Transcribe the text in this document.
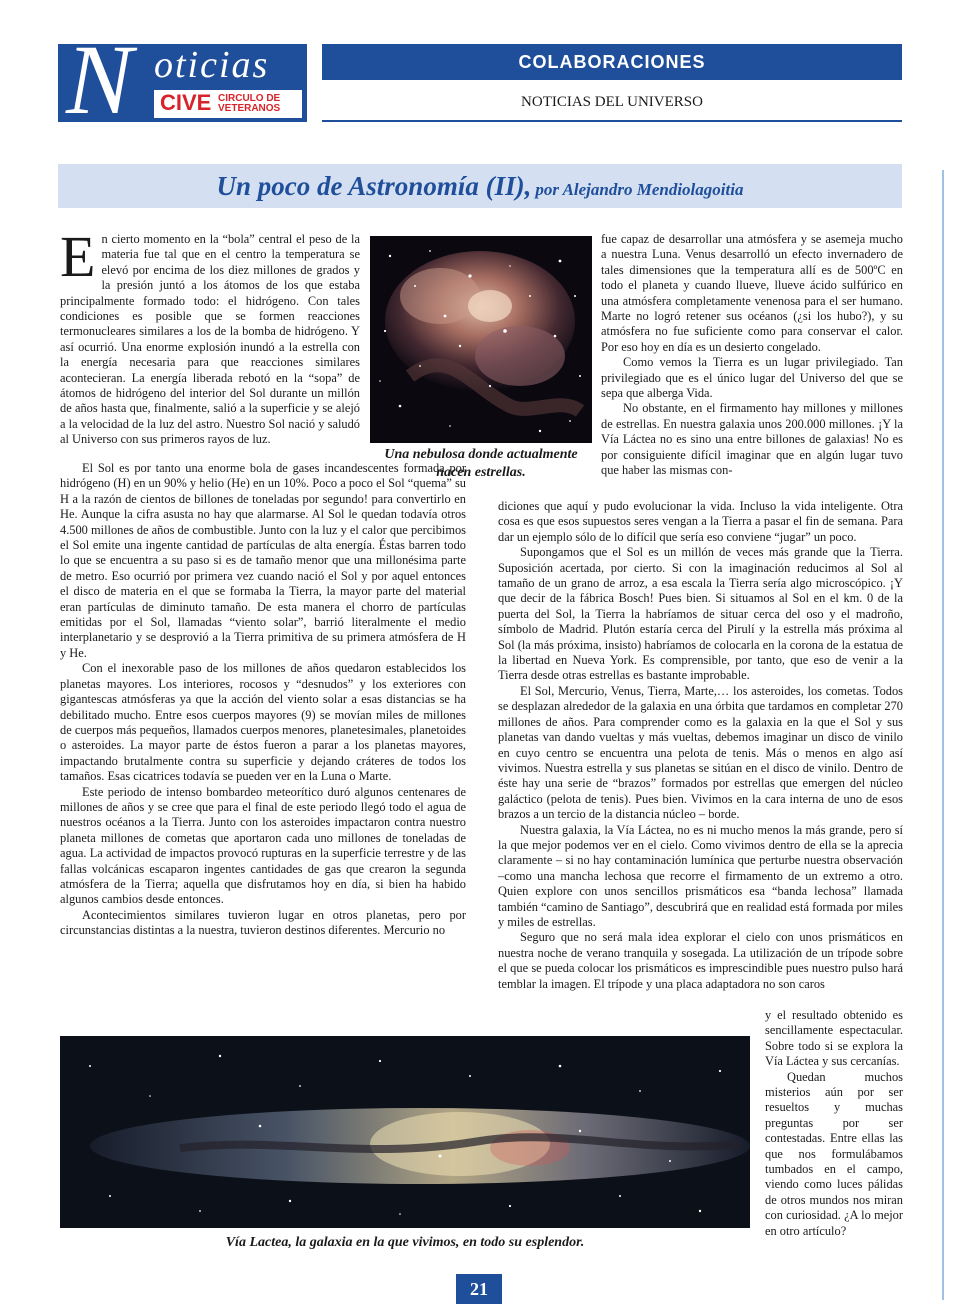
N oticias
CIVE CIRCULO DE
VETERANOS
COLABORACIONES
NOTICIAS DEL UNIVERSO
Un poco de Astronomía (II), por Alejandro Mendiolagoitia

En cierto momento en la “bola” central el peso de la materia fue tal que en el centro la temperatura se elevó por encima de los diez millones de grados y la presión juntó a los átomos de los que estaba principalmente formado todo: el hidrógeno. Con tales condiciones es posible que se formen reacciones termonucleares similares a los de la bomba de hidrógeno. Y así ocurrió. Una enorme explosión inundó a la estrella con la energía necesaria para que reacciones similares acontecieran. La energía liberada rebotó en la “sopa” de átomos de hidrógeno del interior del Sol durante un millón de años hasta que, finalmente, salió a la superficie y se alejó a la velocidad de la luz del astro. Nuestro Sol nació y saludó al Universo con sus primeros rayos de luz.

Una nebulosa donde actualmente nacen estrellas.

El Sol es por tanto una enorme bola de gases incandescentes formada por hidrógeno (H) en un 90% y helio (He) en un 10%. Poco a poco el Sol “quema” su H a la razón de cientos de billones de toneladas por segundo! para convertirlo en He. Aunque la cifra asusta no hay que alarmarse. Al Sol le quedan todavía otros 4.500 millones de años de combustible. Junto con la luz y el calor que percibimos el Sol emite una ingente cantidad de partículas de alta energía. Éstas barren todo lo que se encuentra a su paso si es de tamaño menor que una millonésima parte de metro. Eso ocurrió por primera vez cuando nació el Sol y por aquel entonces el disco de materia en el que se formaba la Tierra, la mayor parte del material eran partículas de diminuto tamaño. De esta manera el chorro de partículas emitidas por el Sol, llamadas “viento solar”, barrió literalmente el medio interplanetario y se desprovió a la Tierra primitiva de su primera atmósfera de H y He.

Con el inexorable paso de los millones de años quedaron establecidos los planetas mayores. Los interiores, rocosos y “desnudos” y los exteriores con gigantescas atmósferas ya que la acción del viento solar a esas distancias se ha debilitado mucho. Entre esos cuerpos mayores (9) se movían miles de millones de cuerpos más pequeños, llamados cuerpos menores, planetesimales, planetoides o asteroides. La mayor parte de éstos fueron a parar a los planetas mayores, impactando brutalmente contra su superficie y dejando cráteres de todos los tamaños. Esas cicatrices todavía se pueden ver en la Luna o Marte.

Este periodo de intenso bombardeo meteorítico duró algunos centenares de millones de años y se cree que para el final de este periodo llegó todo el agua de nuestros océanos a la Tierra. Junto con los asteroides impactaron contra nuestro planeta millones de cometas que aportaron cada uno millones de toneladas de agua. La actividad de impactos provocó rupturas en la superficie terrestre y de las fallas volcánicas escaparon ingentes cantidades de gas que crearon la segunda atmósfera de la Tierra; aquella que disfrutamos hoy en día, si bien ha habido algunos cambios desde entonces.

Acontecimientos similares tuvieron lugar en otros planetas, pero por circunstancias distintas a la nuestra, tuvieron destinos diferentes. Mercurio no

fue capaz de desarrollar una atmósfera y se asemeja mucho a nuestra Luna. Venus desarrolló un efecto invernadero de tales dimensiones que la temperatura allí es de 500ºC en todo el planeta y cuando llueve, llueve ácido sulfúrico en una atmósfera completamente venenosa para el ser humano. Marte no logró retener sus océanos (¿si los hubo?), y su atmósfera no fue suficiente como para conservar el calor. Por eso hoy en día es un desierto congelado.

Como vemos la Tierra es un lugar privilegiado. Tan privilegiado que es el único lugar del Universo del que se sepa que alberga Vida.

No obstante, en el firmamento hay millones y millones de estrellas. En nuestra galaxia unos 200.000 millones. ¡Y la Vía Láctea no es sino una entre billones de galaxias! No es por consiguiente difícil imaginar que en algún lugar tuvo que haber las mismas con-

diciones que aquí y pudo evolucionar la vida. Incluso la vida inteligente. Otra cosa es que esos supuestos seres vengan a la Tierra a pasar el fin de semana. Para dar un ejemplo sólo de lo difícil que sería eso conviene “jugar” un poco.

Supongamos que el Sol es un millón de veces más grande que la Tierra. Suposición acertada, por cierto. Si con la imaginación reducimos al Sol al tamaño de un grano de arroz, a esa escala la Tierra sería algo microscópico. ¡Y que decir de la fábrica Bosch! Pues bien. Si situamos al Sol en el km. 0 de la puerta del Sol, la Tierra la habríamos de situar cerca del oso y el madroño, símbolo de Madrid. Plutón estaría cerca del Pirulí y la estrella más próxima al Sol (la más próxima, insisto) habríamos de colocarla en la corona de la estatua de la libertad en Nueva York. Es comprensible, por tanto, que eso de venir a la Tierra desde otras estrellas es bastante improbable.

El Sol, Mercurio, Venus, Tierra, Marte,… los asteroides, los cometas. Todos se desplazan alrededor de la galaxia en una órbita que tardamos en completar 270 millones de años. Para comprender como es la galaxia en la que el Sol y sus planetas van dando vueltas y más vueltas, debemos imaginar un disco de vinilo en cuyo centro se encuentra una pelota de tenis. Más o menos en algo así vivimos. Nuestra estrella y sus planetas se sitúan en el disco de vinilo. Dentro de éste hay una serie de “brazos” formados por estrellas que emergen del núcleo galáctico (pelota de tenis). Pues bien. Vivimos en la cara interna de uno de esos brazos a un tercio de la distancia núcleo – borde.

Nuestra galaxia, la Vía Láctea, no es ni mucho menos la más grande, pero sí la que mejor podemos ver en el cielo. Como vivimos dentro de ella se la aprecia claramente – si no hay contaminación lumínica que perturbe nuestra observación –como una mancha lechosa que recorre el firmamento de un extremo a otro. Quien explore con unos sencillos prismáticos esa “banda lechosa” llamada también “camino de Santiago”, descubrirá que en realidad está formada por miles y miles de estrellas.

Seguro que no será mala idea explorar el cielo con unos prismáticos en nuestra noche de verano tranquila y sosegada. La utilización de un trípode sobre el que se pueda colocar los prismáticos es imprescindible pues nuestro pulso hará temblar la imagen. El trípode y una placa adaptadora no son caros

y el resultado obtenido es sencillamente espectacular. Sobre todo si se explora la Vía Láctea y sus cercanías.

Quedan muchos misterios aún por ser resueltos y muchas preguntas por ser contestadas. Entre ellas las que nos formulábamos tumbados en el campo, viendo como luces pálidas de otros mundos nos miran con curiosidad. ¿A lo mejor en otro artículo?

Vía Lactea, la galaxia en la que vivimos, en todo su esplendor.
21
